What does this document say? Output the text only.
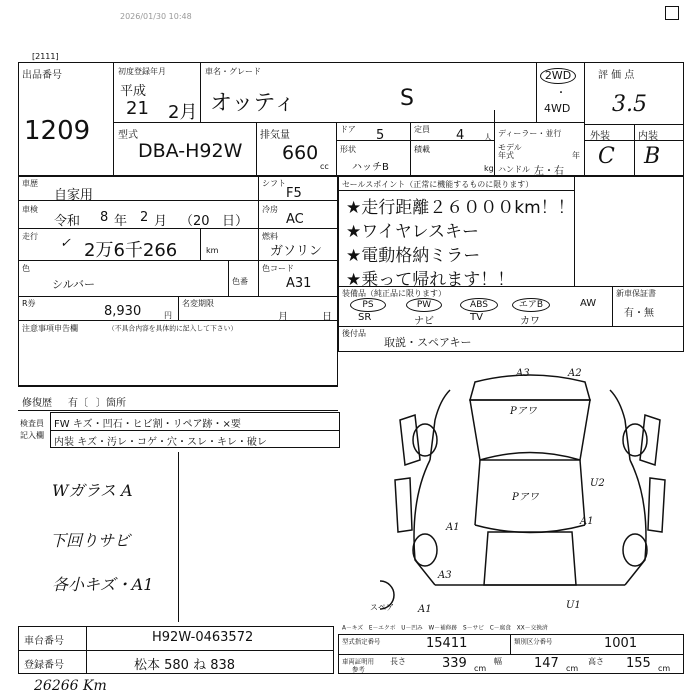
2026/01/30 10:48
[2111]
出品番号
1209
初度登録年月
平成
21 2月
車名・グレード
オッティ	S
2WD
・
4WD
評 価 点
3.5
外装	内装
C B
型式
DBA-H92W
排気量
660
cc
ドア 5	定員 4 人 ディーラー・並行
形状
ハッチB
積載
kg
モデル
年式	年
ハンドル 左・右
車歴
自家用
シフト
F5
車検
令和 8 年 2 月 （20 日）
冷房
AC
走行 ✓ 2万6千266	km
燃料
ガソリン
色
シルバー	色番
色コード
A31
R券
8,930	円
名変期限
月	日
注意事項申告欄	（不具合内容を具体的に記入して下さい）
セールスポイント（正常に機能するものに限ります）
★走行距離２６０００km！！
★ワイヤレスキー
★電動格納ミラー
★乗って帰れます！！
装備品（純正品に限ります）
PS	PW	ABS	エアB	AW
SR	ナビ	TV	カワ
新車保証書
有・無
後付品
取説・スペアキー
修復歴 有〔 〕箇所
検査員
記入欄
FW キズ・凹石・ヒビ割・リペア跡・×要
内装 キズ・汚レ・コゲ・穴・スレ・キレ・破レ
Wガラス A
下回りサビ
各小キズ・A1
A3	A2
Pアワ
U2
Pアワ
A1
A1
A3
A1	U1
スペア
A－キズ　E－エクボ　U－凹み　W－補修跡　S－サビ　C－腐食　XX－交換済
車台番号	H92W-0463572
登録番号	松本 580 ね 838
型式指定番号	15411	類別区分番号	1001
車両証明用
参考
長さ	339 cm
幅 147 cm
高さ 155 cm
26266 Km
